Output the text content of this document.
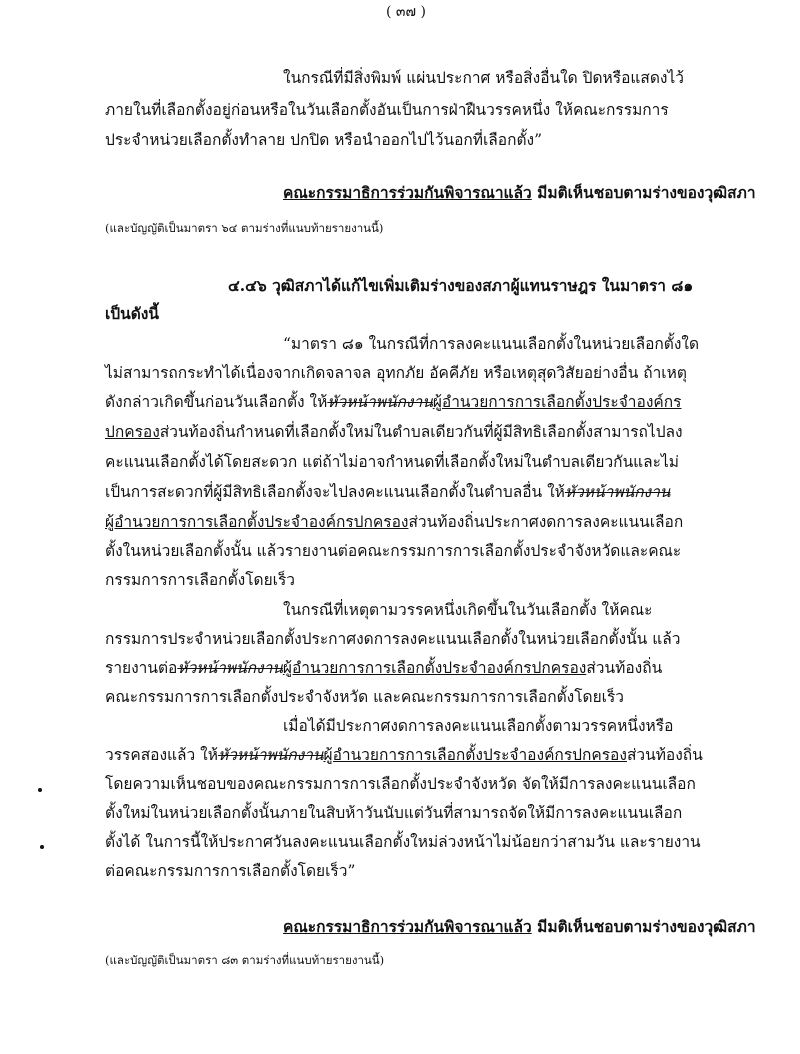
( ๓๗ )
ในกรณีที่มีสิ่งพิมพ์ แผ่นประกาศ หรือสิ่งอื่นใด ปิดหรือแสดงไว้
ภายในที่เลือกตั้งอยู่ก่อนหรือในวันเลือกตั้งอันเป็นการฝ่าฝืนวรรคหนึ่ง ให้คณะกรรมการ
ประจำหน่วยเลือกตั้งทำลาย ปกปิด หรือนำออกไปไว้นอกที่เลือกตั้ง”
คณะกรรมาธิการร่วมกันพิจารณาแล้ว มีมติเห็นชอบตามร่างของวุฒิสภา
(และบัญญัติเป็นมาตรา ๖๔ ตามร่างที่แนบท้ายรายงานนี้)
๔.๔๖ วุฒิสภาได้แก้ไขเพิ่มเติมร่างของสภาผู้แทนราษฎร ในมาตรา ๘๑
เป็นดังนี้
“มาตรา ๘๑ ในกรณีที่การลงคะแนนเลือกตั้งในหน่วยเลือกตั้งใด
ไม่สามารถกระทำได้เนื่องจากเกิดจลาจล อุทกภัย อัคคีภัย หรือเหตุสุดวิสัยอย่างอื่น ถ้าเหตุ
ดังกล่าวเกิดขึ้นก่อนวันเลือกตั้ง ให้หัวหน้าพนักงานผู้อำนวยการการเลือกตั้งประจำองค์กร
ปกครองส่วนท้องถิ่นกำหนดที่เลือกตั้งใหม่ในตำบลเดียวกันที่ผู้มีสิทธิเลือกตั้งสามารถไปลง
คะแนนเลือกตั้งได้โดยสะดวก แต่ถ้าไม่อาจกำหนดที่เลือกตั้งใหม่ในตำบลเดียวกันและไม่
เป็นการสะดวกที่ผู้มีสิทธิเลือกตั้งจะไปลงคะแนนเลือกตั้งในตำบลอื่น ให้หัวหน้าพนักงาน
ผู้อำนวยการการเลือกตั้งประจำองค์กรปกครองส่วนท้องถิ่นประกาศงดการลงคะแนนเลือก
ตั้งในหน่วยเลือกตั้งนั้น แล้วรายงานต่อคณะกรรมการการเลือกตั้งประจำจังหวัดและคณะ
กรรมการการเลือกตั้งโดยเร็ว
ในกรณีที่เหตุตามวรรคหนึ่งเกิดขึ้นในวันเลือกตั้ง ให้คณะ
กรรมการประจำหน่วยเลือกตั้งประกาศงดการลงคะแนนเลือกตั้งในหน่วยเลือกตั้งนั้น แล้ว
รายงานต่อหัวหน้าพนักงานผู้อำนวยการการเลือกตั้งประจำองค์กรปกครองส่วนท้องถิ่น
คณะกรรมการการเลือกตั้งประจำจังหวัด และคณะกรรมการการเลือกตั้งโดยเร็ว
เมื่อได้มีประกาศงดการลงคะแนนเลือกตั้งตามวรรคหนึ่งหรือ
วรรคสองแล้ว ให้หัวหน้าพนักงานผู้อำนวยการการเลือกตั้งประจำองค์กรปกครองส่วนท้องถิ่น
โดยความเห็นชอบของคณะกรรมการการเลือกตั้งประจำจังหวัด จัดให้มีการลงคะแนนเลือก
ตั้งใหม่ในหน่วยเลือกตั้งนั้นภายในสิบห้าวันนับแต่วันที่สามารถจัดให้มีการลงคะแนนเลือก
ตั้งได้ ในการนี้ให้ประกาศวันลงคะแนนเลือกตั้งใหม่ล่วงหน้าไม่น้อยกว่าสามวัน และรายงาน
ต่อคณะกรรมการการเลือกตั้งโดยเร็ว”
คณะกรรมาธิการร่วมกันพิจารณาแล้ว มีมติเห็นชอบตามร่างของวุฒิสภา
(และบัญญัติเป็นมาตรา ๘๓ ตามร่างที่แนบท้ายรายงานนี้)
